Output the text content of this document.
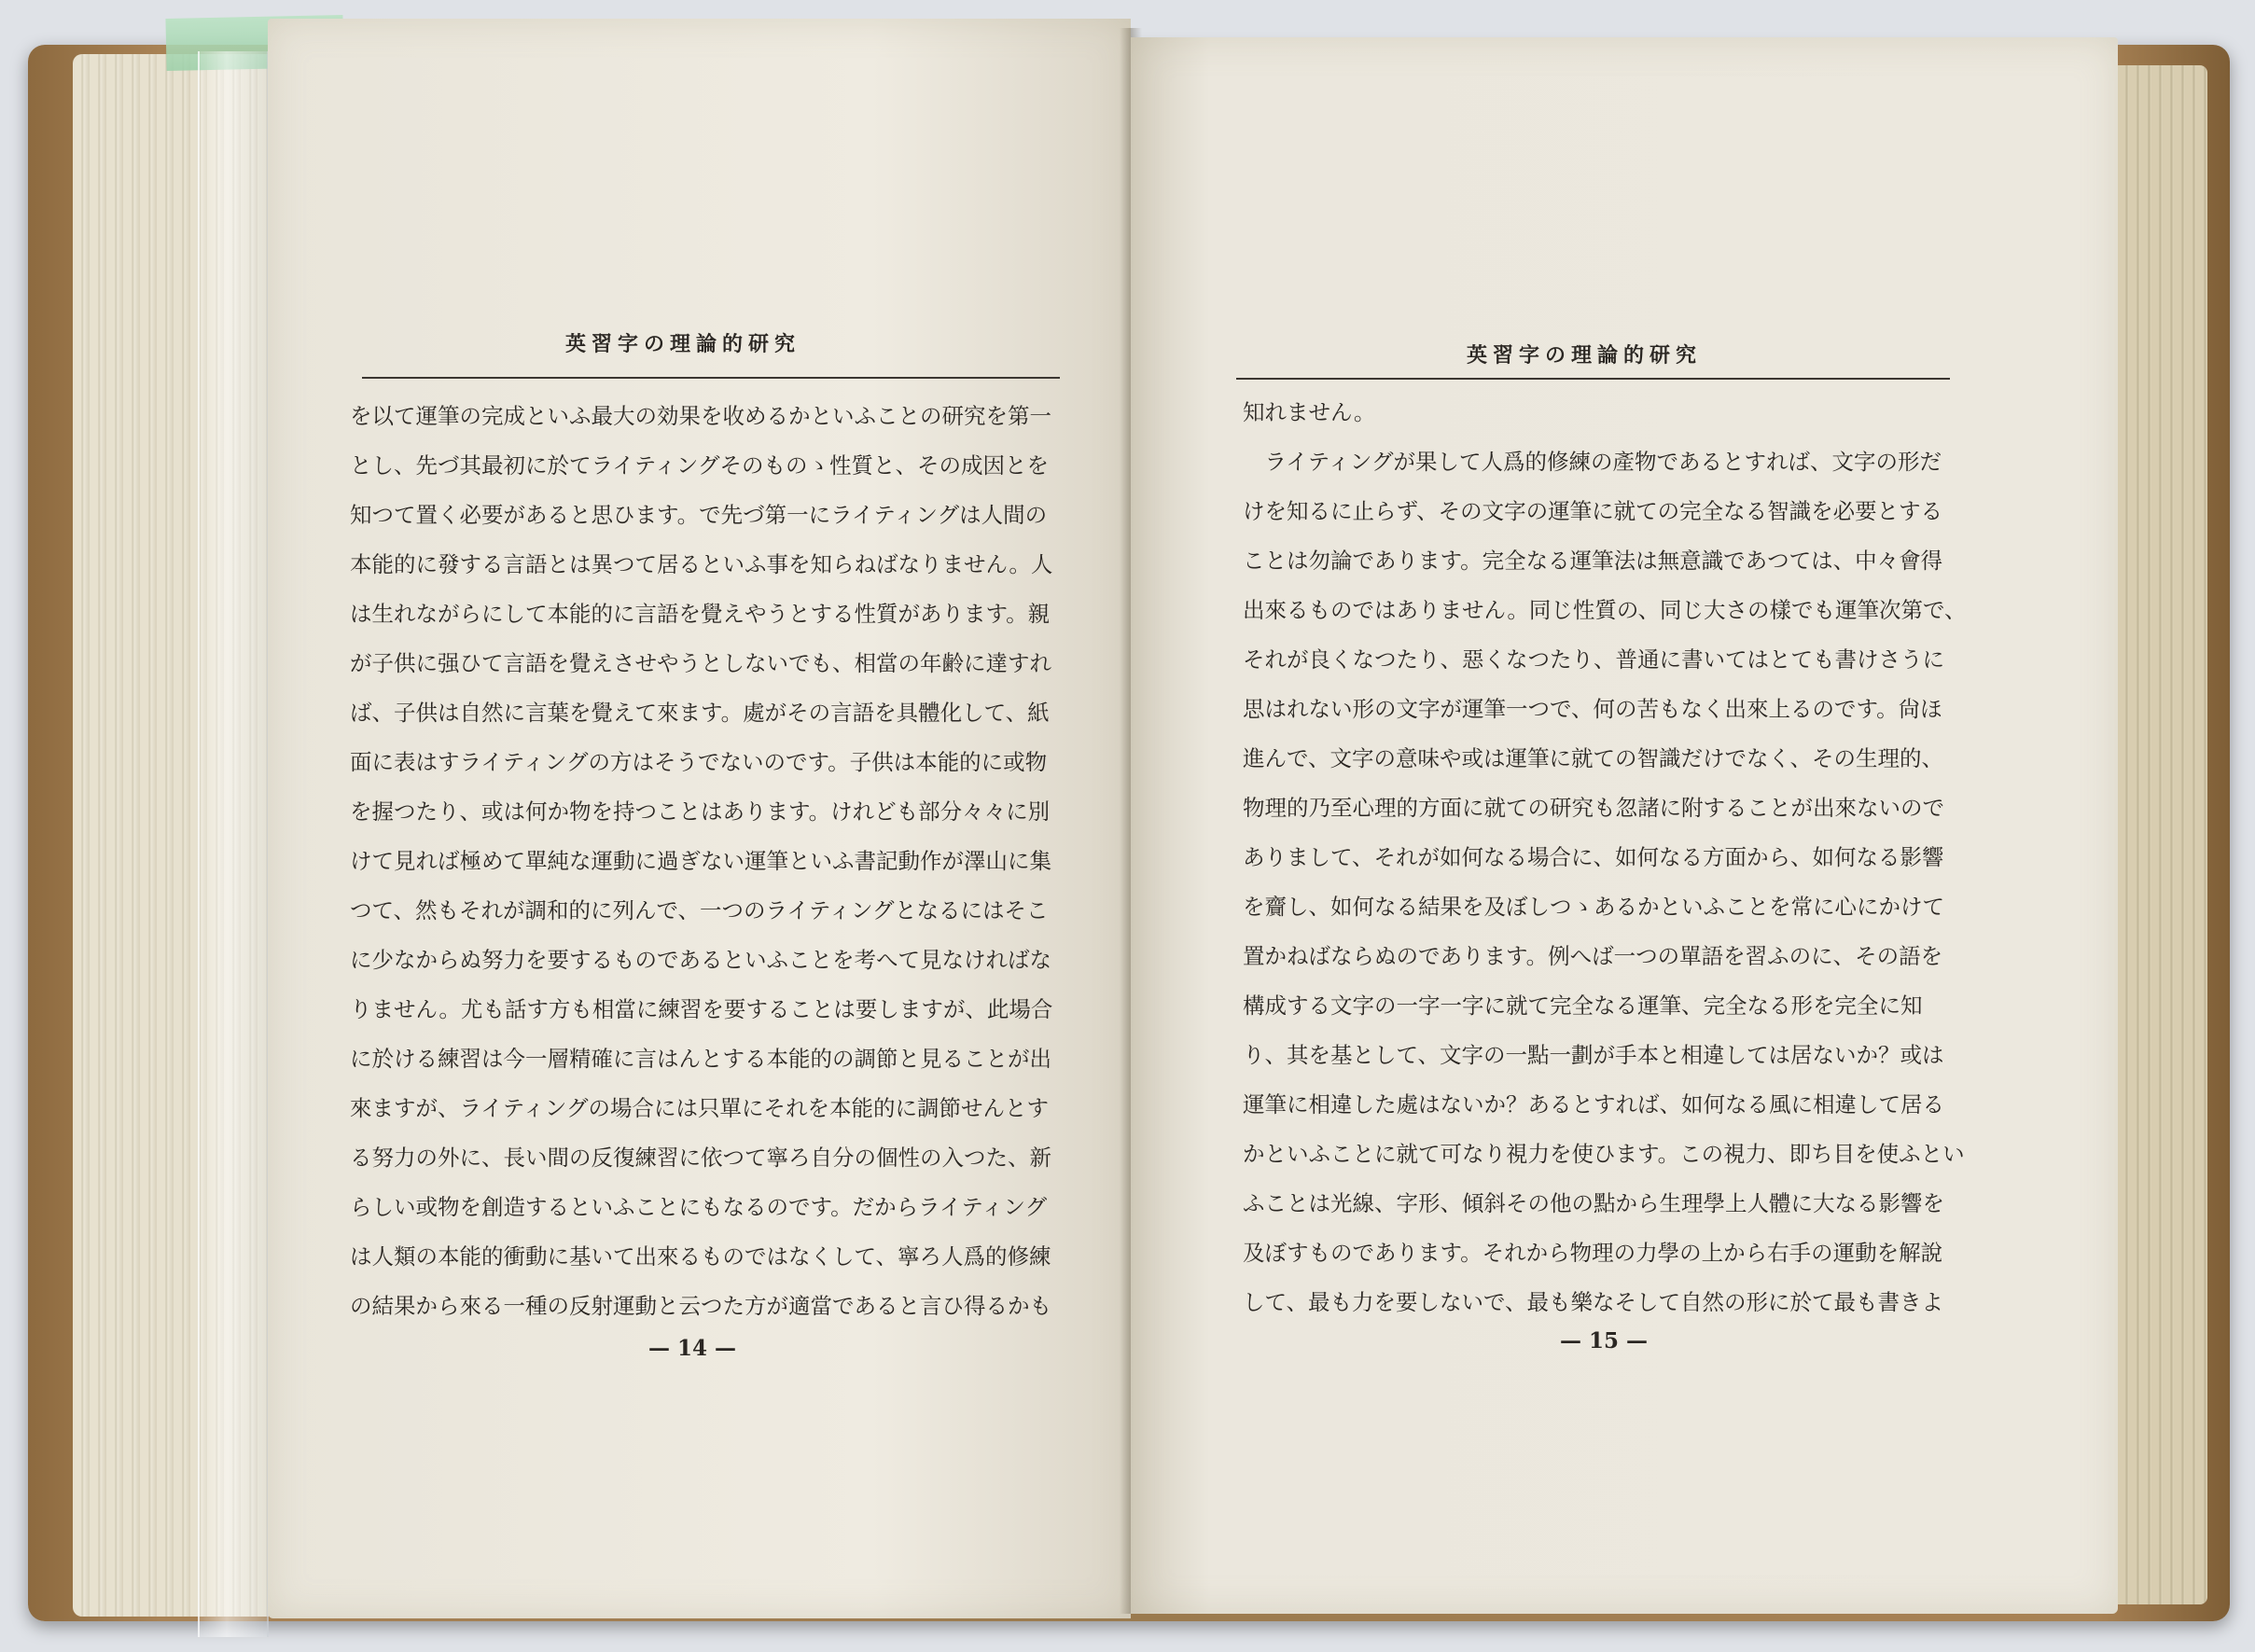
英習字の理論的研究
を以て運筆の完成といふ最大の効果を收めるかといふことの研究を第一
とし、先づ其最初に於てライティングそのものゝ性質と、その成因とを
知つて置く必要があると思ひます。で先づ第一にライティングは人間の
本能的に發する言語とは異つて居るといふ事を知らねばなりません。人
は生れながらにして本能的に言語を覺えやうとする性質があります。親
が子供に强ひて言語を覺えさせやうとしないでも、相當の年齢に達すれ
ば、子供は自然に言葉を覺えて來ます。處がその言語を具體化して、紙
面に表はすライティングの方はそうでないのです。子供は本能的に或物
を握つたり、或は何か物を持つことはあります。けれども部分々々に別
けて見れば極めて單純な運動に過ぎない運筆といふ書記動作が澤山に集
つて、然もそれが調和的に列んで、一つのライティングとなるにはそこ
に少なからぬ努力を要するものであるといふことを考へて見なければな
りません。尤も話す方も相當に練習を要することは要しますが、此場合
に於ける練習は今一層精確に言はんとする本能的の調節と見ることが出
來ますが、ライティングの場合には只單にそれを本能的に調節せんとす
る努力の外に、長い間の反復練習に依つて寧ろ自分の個性の入つた、新
らしい或物を創造するといふことにもなるのです。だからライティング
は人類の本能的衝動に基いて出來るものではなくして、寧ろ人爲的修練
の結果から來る一種の反射運動と云つた方が適當であると言ひ得るかも
— 14 —
英習字の理論的研究
知れません。
　ライティングが果して人爲的修練の產物であるとすれば、文字の形だ
けを知るに止らず、その文字の運筆に就ての完全なる智識を必要とする
ことは勿論であります。完全なる運筆法は無意識であつては、中々會得
出來るものではありません。同じ性質の、同じ大さの樣でも運筆次第で、
それが良くなつたり、惡くなつたり、普通に書いてはとても書けさうに
思はれない形の文字が運筆一つで、何の苦もなく出來上るのです。尙ほ
進んで、文字の意味や或は運筆に就ての智識だけでなく、その生理的、
物理的乃至心理的方面に就ての研究も忽諸に附することが出來ないので
ありまして、それが如何なる場合に、如何なる方面から、如何なる影響
を齎し、如何なる結果を及ぼしつゝあるかといふことを常に心にかけて
置かねばならぬのであります。例へば一つの單語を習ふのに、その語を
構成する文字の一字一字に就て完全なる運筆、完全なる形を完全に知
り、其を基として、文字の一點一劃が手本と相違しては居ないか？或は
運筆に相違した處はないか？あるとすれば、如何なる風に相違して居る
かといふことに就て可なり視力を使ひます。この視力、即ち目を使ふとい
ふことは光線、字形、傾斜その他の點から生理學上人體に大なる影響を
及ぼすものであります。それから物理の力學の上から右手の運動を解說
して、最も力を要しないで、最も樂なそして自然の形に於て最も書きよ
— 15 —
